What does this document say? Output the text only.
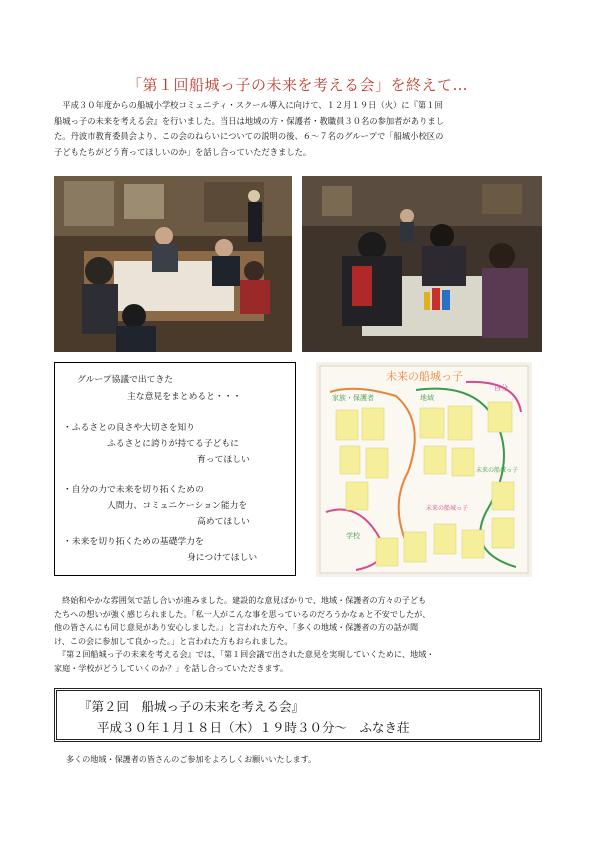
「第１回船城っ子の未来を考える会」を終えて…

　平成３０年度からの船城小学校コミュニティ・スクール導入に向けて、１２月１９日（火）に『第１回

船城っ子の未来を考える会』を行いました。当日は地域の方・保護者・教職員３０名の参加者がありまし

た。丹波市教育委員会より、この会のねらいについての説明の後、６～７名のグループで「船城小校区の

子どもたちがどう育ってほしいのか」を話し合っていただきました。

グループ協議で出てきた
主な意見をまとめると・・・
・ふるさとの良さや大切さを知り
ふるさとに誇りが持てる子どもに
育ってほしい
・自分の力で未来を切り拓くための
人間力、コミュニケーション能力を
高めてほしい
・未来を切り拓くための基礎学力を
身につけてほしい
未来の船城っ子
家族・保護者	地域
自分
学校
未来の船城っ子
未来の船城っ子

　終始和やかな雰囲気で話し合いが進みました。建設的な意見ばかりで、地域・保護者の方々の子ども

たちへの想いが強く感じられました。「私一人がこんな事を思っているのだろうかなぁと不安でしたが、

他の皆さんにも同じ意見があり安心しました。」と言われた方や、「多くの地域・保護者の方の話が聞

け、この会に参加して良かった。」と言われた方もおられました。

　『第２回船城っ子の未来を考える会』では、「第１回会議で出された意見を実現していくために、地域・

家庭・学校がどうしていくのか？」を話し合っていただきます。

『第２回　船城っ子の未来を考える会』
平成３０年１月１８日（木）１９時３０分～　ふなき荘
多くの地域・保護者の皆さんのご参加をよろしくお願いいたします。
